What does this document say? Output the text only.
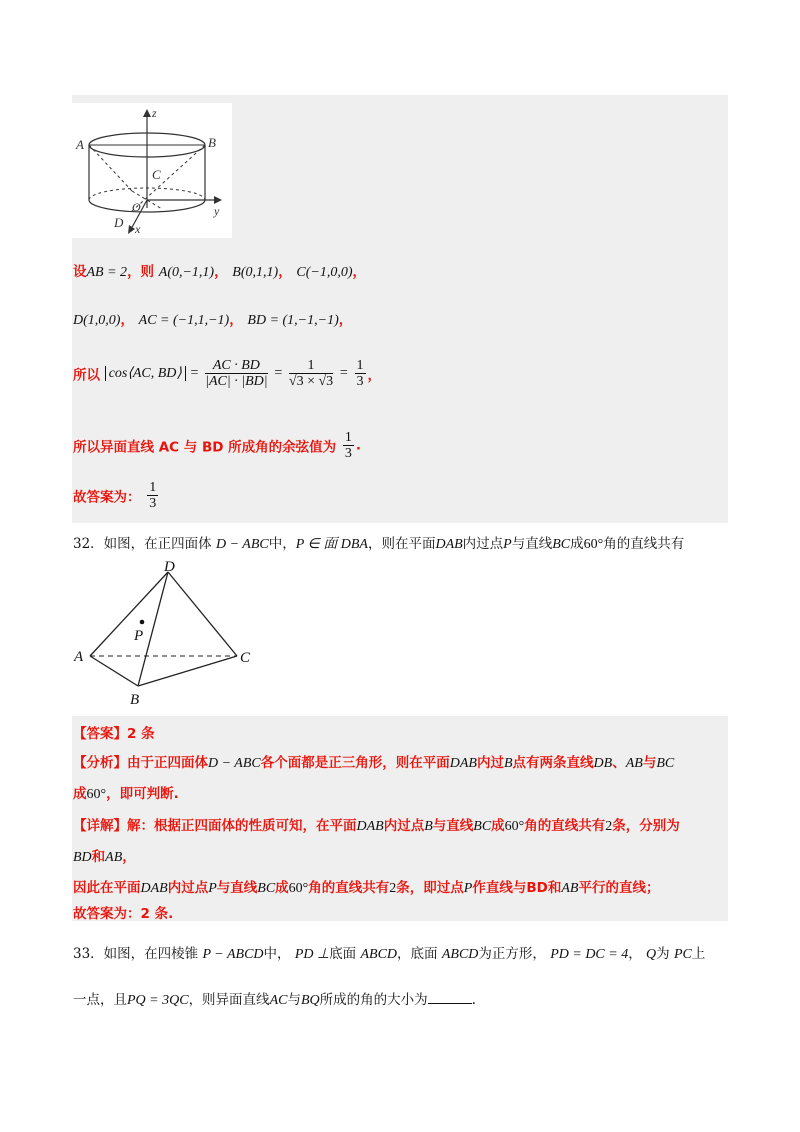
z
A	B
C
O
D x
y
设AB = 2，则 A(0,−1,1)， B(0,1,1)， C(−1,0,0)，
D(1,0,0)， AC = (−1,1,−1)， BD = (1,−1,−1)，
所以 cos⟨AC, BD⟩ = $\frac{AC \cdot BD}{|AC| \cdot |BD|} = \frac{1}{√3 \times √3} = \frac{1}{3}$ ，
所以异面直线 AC 与 BD 所成角的余弦值为 $\frac{1}{3}$ .
故答案为： $\frac{1}{3}$
32．如图，在正四面体 D − ABC中，P ∈ 面 DBA，则在平面DAB内过点P与直线BC成60°角的直线共有
D
P
A	C
B
【答案】2 条
【分析】由于正四面体D − ABC各个面都是正三角形，则在平面DAB内过B点有两条直线DB、AB与BC
成60°，即可判断.
【详解】解：根据正四面体的性质可知，在平面DAB内过点B与直线BC成60°角的直线共有2条，分别为
BD和AB，
因此在平面DAB内过点P与直线BC成60°角的直线共有2条，即过点P作直线与BD和AB平行的直线；
故答案为：2 条.
33．如图，在四棱锥 P − ABCD中， PD ⊥底面 ABCD，底面 ABCD为正方形， PD = DC = 4， Q为 PC上
一点，且PQ = 3QC，则异面直线AC与BQ所成的角的大小为	.
